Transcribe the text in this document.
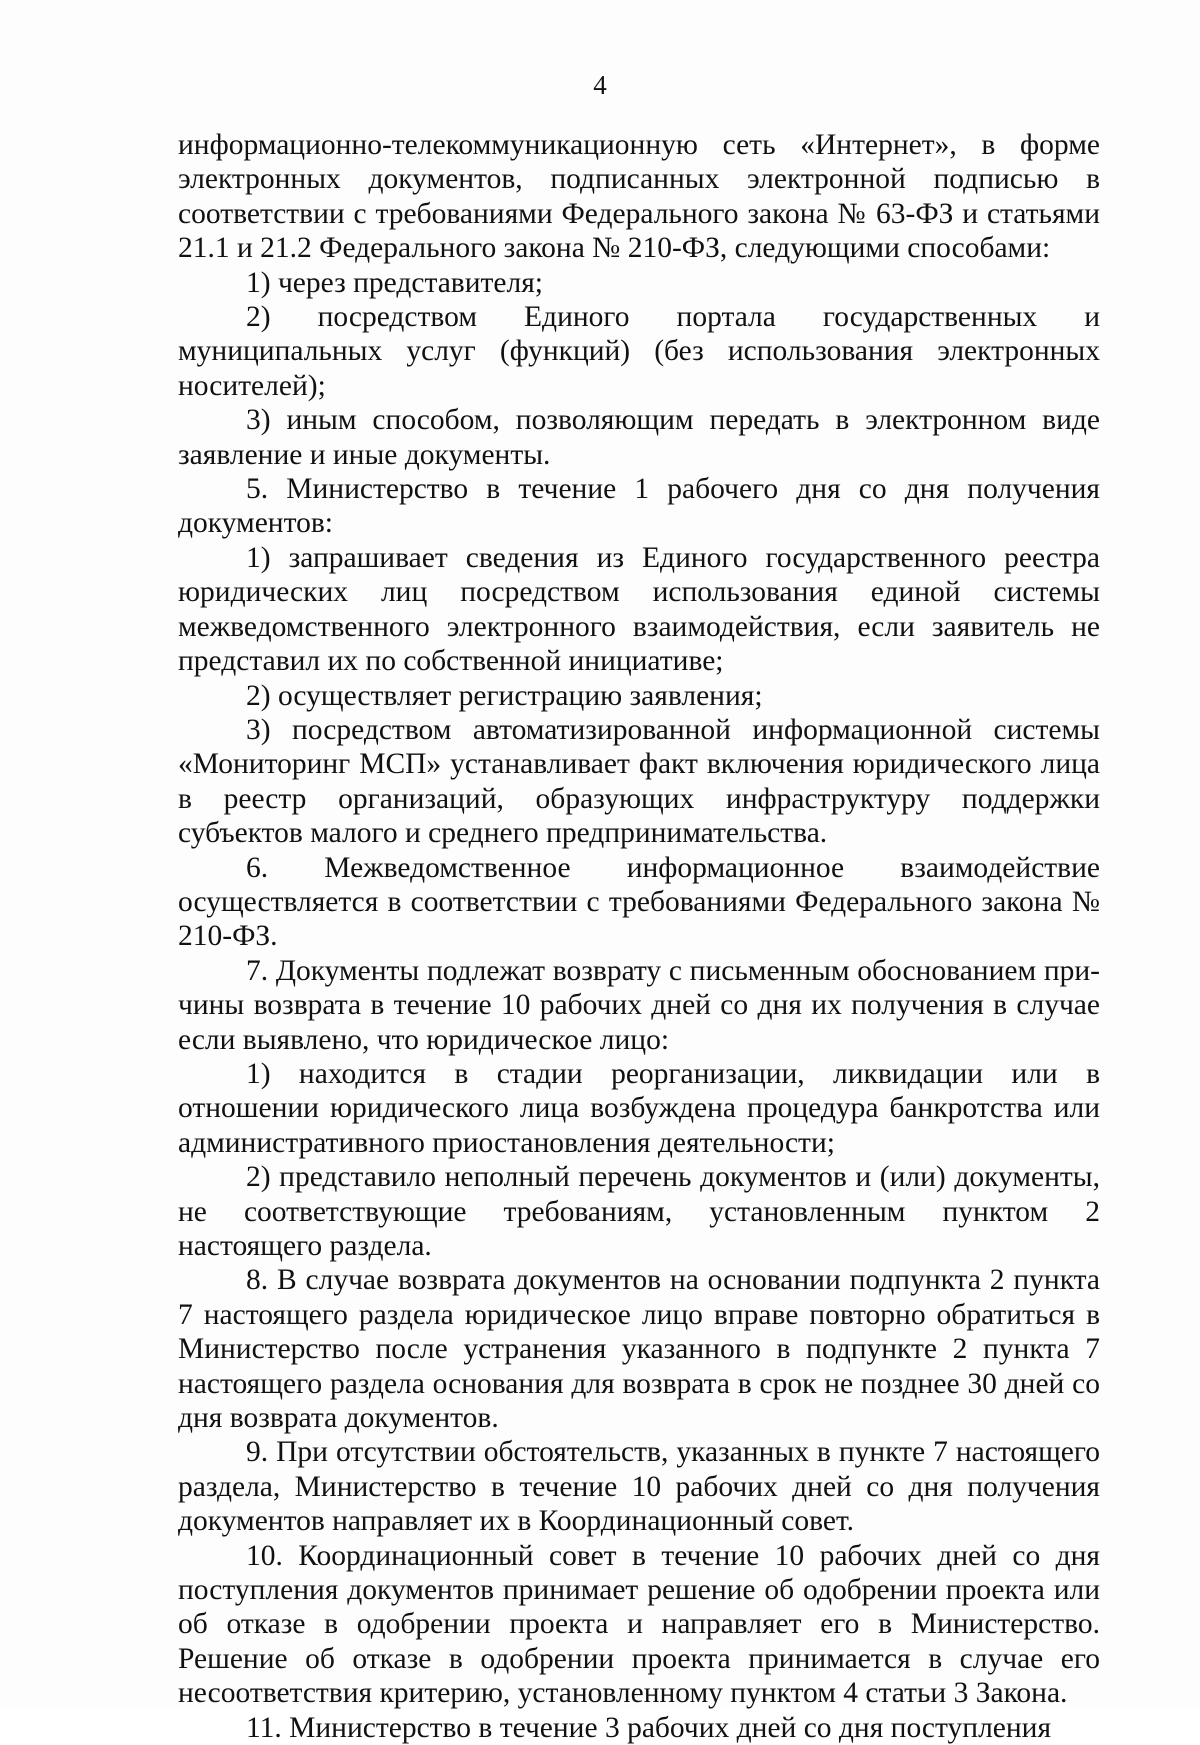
4

информационно-телекоммуникационную сеть «Интернет», в форме электронных документов, подписанных электронной подписью в соответствии с требованиями Федерального закона № 63-ФЗ и статьями 21.1 и 21.2 Федерального закона № 210-ФЗ, следующими способами:

1) через представителя;

2) посредством Единого портала государственных и муниципальных услуг (функций) (без использования электронных носителей);

3) иным способом, позволяющим передать в электронном виде заявление и иные документы.

5. Министерство в течение 1 рабочего дня со дня получения документов:

1) запрашивает сведения из Единого государственного реестра юридических лиц посредством использования единой системы межведомственного электронного взаимодействия, если заявитель не представил их по собственной инициативе;

2) осуществляет регистрацию заявления;

3) посредством автоматизированной информационной системы «Мониторинг МСП» устанавливает факт включения юридического лица в реестр организаций, образующих инфраструктуру поддержки субъектов малого и среднего предпринимательства.

6. Межведомственное информационное взаимодействие осуществляется в соответствии с требованиями Федерального закона № 210-ФЗ.

7. Документы подлежат возврату с письменным обоснованием причины возврата в течение 10 рабочих дней со дня их получения в случае если выявлено, что юридическое лицо:

1) находится в стадии реорганизации, ликвидации или в отношении юридического лица возбуждена процедура банкротства или административного приостановления деятельности;

2) представило неполный перечень документов и (или) документы, не соответствующие требованиям, установленным пунктом 2 настоящего раздела.

8. В случае возврата документов на основании подпункта 2 пункта 7 настоящего раздела юридическое лицо вправе повторно обратиться в Министерство после устранения указанного в подпункте 2 пункта 7 настоящего раздела основания для возврата в срок не позднее 30 дней со дня возврата документов.

9. При отсутствии обстоятельств, указанных в пункте 7 настоящего раздела, Министерство в течение 10 рабочих дней со дня получения документов направляет их в Координационный совет.

10. Координационный совет в течение 10 рабочих дней со дня поступления документов принимает решение об одобрении проекта или об отказе в одобрении проекта и направляет его в Министерство. Решение об отказе в одобрении проекта принимается в случае его несоответствия критерию, установленному пунктом 4 статьи 3 Закона.

11. Министерство в течение 3 рабочих дней со дня поступления
